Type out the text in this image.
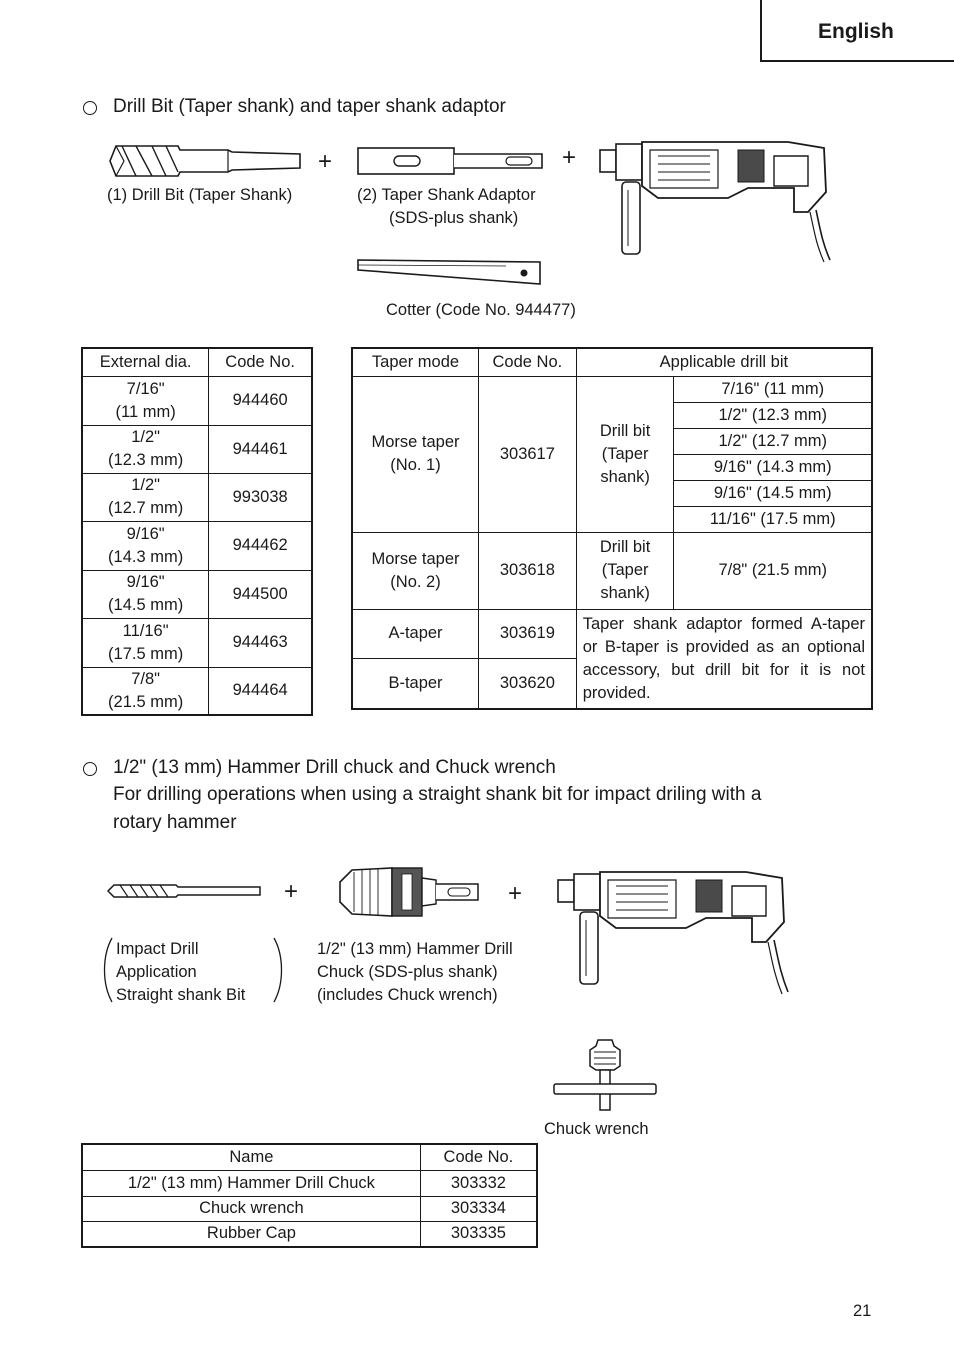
English
Drill Bit (Taper shank) and taper shank adaptor
+	+
(1) Drill Bit (Taper Shank)	(2) Taper Shank Adaptor
(SDS-plus shank)
Cotter (Code No. 944477)
External dia.	Code No.
7/16"
(11 mm)	944460
1/2"
(12.3 mm)	944461
1/2"
(12.7 mm)	993038
9/16"
(14.3 mm)	944462
9/16"
(14.5 mm)	944500
11/16"
(17.5 mm)	944463
7/8"
(21.5 mm)	944464
Taper mode	Code No.	Applicable drill bit	
Morse taper
(No. 1)	303617	Drill bit
(Taper
shank)	7/16" (11 mm)
			1/2" (12.3 mm)
			1/2" (12.7 mm)
			9/16" (14.3 mm)
			9/16" (14.5 mm)
			11/16" (17.5 mm)
Morse taper
(No. 2)	303618	Drill bit
(Taper
shank)	7/8" (21.5 mm)
A-taper	303619	Taper shank adaptor formed A-taper or B-taper is provided as an optional accessory, but drill bit for it is not provided.	
B-taper	303620		
1/2" (13 mm) Hammer Drill chuck and Chuck wrench
For drilling operations when using a straight shank bit for impact driling with a
rotary hammer
+	+
Impact Drill
Application
Straight shank Bit
1/2" (13 mm) Hammer Drill
Chuck (SDS-plus shank)
(includes Chuck wrench)
Chuck wrench
Name	Code No.
1/2" (13 mm) Hammer Drill Chuck	303332
Chuck wrench	303334
Rubber Cap	303335
21
